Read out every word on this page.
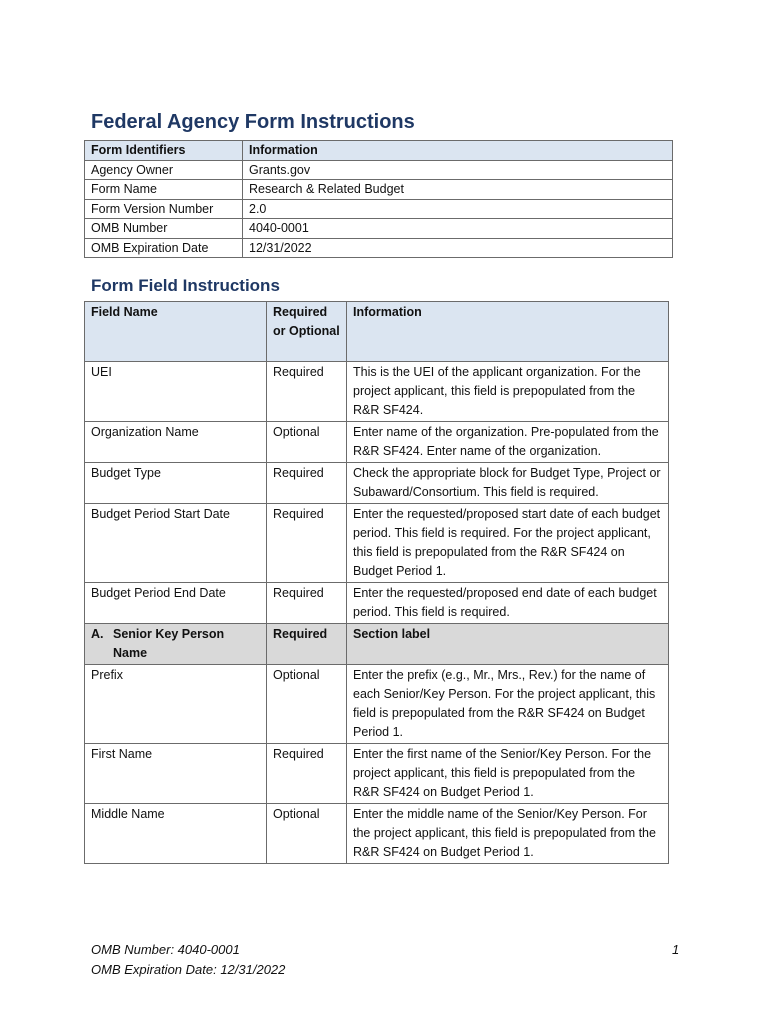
Federal Agency Form Instructions
Form Identifiers	Information
Agency Owner	Grants.gov
Form Name	Research & Related Budget
Form Version Number	2.0
OMB Number	4040-0001
OMB Expiration Date	12/31/2022
Form Field Instructions
Field Name	Required or Optional	Information
UEI	Required	This is the UEI of the applicant organization. For the project applicant, this field is prepopulated from the R&R SF424.
Organization Name	Optional	Enter name of the organization. Pre-populated from the R&R SF424. Enter name of the organization.
Budget Type	Required	Check the appropriate block for Budget Type, Project or Subaward/Consortium. This field is required.
Budget Period Start Date	Required	Enter the requested/proposed start date of each budget period. This field is required. For the project applicant, this field is prepopulated from the R&R SF424 on Budget Period 1.
Budget Period End Date	Required	Enter the requested/proposed end date of each budget period. This field is required.

A. Senior Key Person Name	Required	Section label
Prefix	Optional	Enter the prefix (e.g., Mr., Mrs., Rev.) for the name of each Senior/Key Person. For the project applicant, this field is prepopulated from the R&R SF424 on Budget Period 1.
First Name	Required	Enter the first name of the Senior/Key Person. For the project applicant, this field is prepopulated from the R&R SF424 on Budget Period 1.
Middle Name	Optional	Enter the middle name of the Senior/Key Person. For the project applicant, this field is prepopulated from the R&R SF424 on Budget Period 1.
OMB Number: 4040-0001
OMB Expiration Date: 12/31/2022
1
